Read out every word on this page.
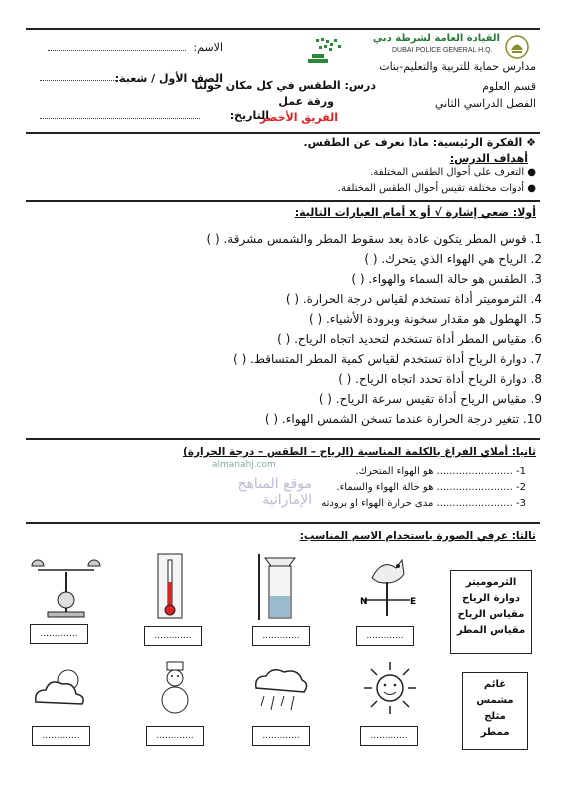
القيادة العامة لشرطة دبي
DUBAI POLICE GENERAL H.Q.
مدارس حماية للتربية والتعليم-بنات
قسم العلوم
الفصل الدراسي الثاني
درس: الطقس في كل مكان حولنا
ورقة عمل
الفريق الأخضر
الاسم:
الصف الأول / شعبة:
التاريخ:
❖ الفكرة الرئيسية: ماذا نعرف عن الطقس.
أهداف الدرس:
● التعرف على أحوال الطقس المختلفة.
● أدوات مختلفة تقيس أحوال الطقس المختلفة.
أولا: ضعي إشارة √ أو x أمام العبارات التالية:
1. قوس المطر يتكون عادة بعد سقوط المطر والشمس مشرقة. ( )
2. الرياح هي الهواء الذي يتحرك. ( )
3. الطقس هو حالة السماء والهواء. ( )
4. الثرموميتر أداة تستخدم لقياس درجة الحرارة. ( )
5. الهطول هو مقدار سخونة وبرودة الأشياء. ( )
6. مقياس المطر أداة تستخدم لتحديد اتجاه الرياح. ( )
7. دوارة الرياح أداة تستخدم لقياس كمية المطر المتساقط. ( )
8. دوارة الرياح أداة تحدد اتجاه الرياح. ( )
9. مقياس الرياح أداة تقيس سرعة الرياح. ( )
10. تتغير درجة الحرارة عندما تسخن الشمس الهواء. ( )
ثانيا: أملاي الفراغ بالكلمة المناسبة (الرياح – الطقس – درجة الحرارة)
1- ........................ هو الهواء المتحرك.
2- ........................ هو حالة الهواء والسماء.
3- ........................ مدى حرارة الهواء او برودته
almanahj.com
موقع المناهج الإماراتية
ثالثا: عرفي الصورة باستخدام الاسم المناسب:
الثرموميتر
دوارة الرياح
مقياس الرياح
مقياس المطر
N	E
.............	.............	.............	.............
غائم
مشمس
مثلج
ممطر
.............	.............	.............	.............
